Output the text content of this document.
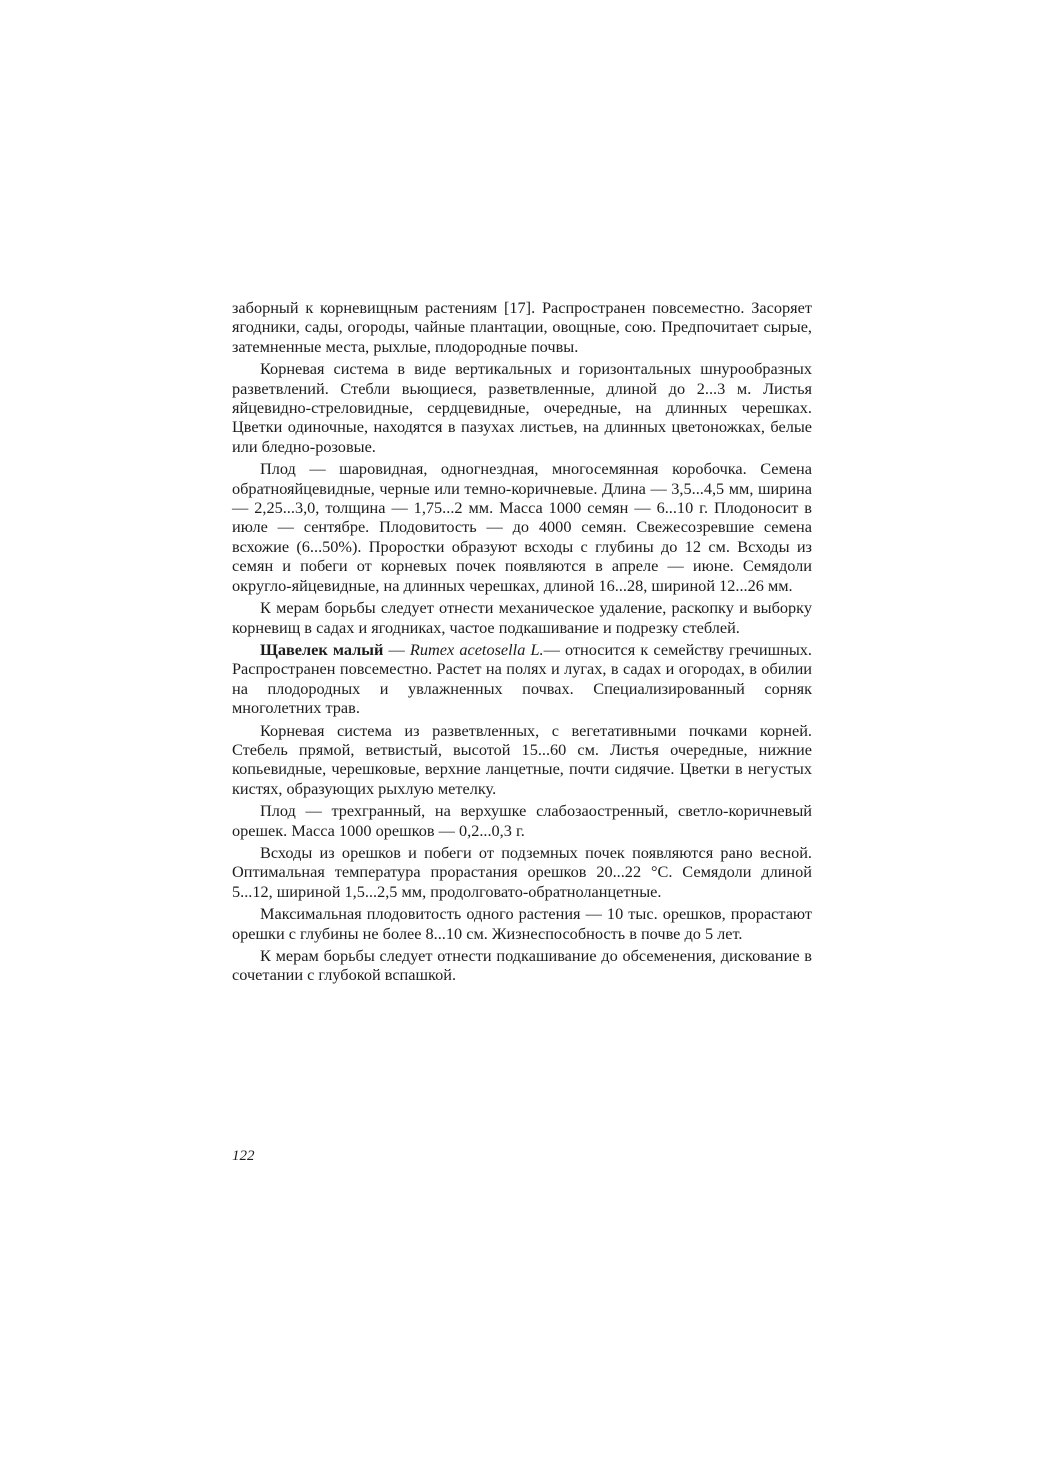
заборный к корневищным растениям [17]. Распространен повсеместно. Засоряет ягодники, сады, огороды, чайные плантации, овощные, сою. Предпочитает сырые, затемненные места, рыхлые, плодородные почвы.

Корневая система в виде вертикальных и горизонтальных шнурообразных разветвлений. Стебли вьющиеся, разветвленные, длиной до 2...3 м. Листья яйцевидно-стреловидные, сердцевидные, очередные, на длинных черешках. Цветки одиночные, находятся в пазухах листьев, на длинных цветоножках, белые или бледно-розовые.

Плод — шаровидная, одногнездная, многосемянная коробочка. Семена обратнояйцевидные, черные или темно-коричневые. Длина — 3,5...4,5 мм, ширина — 2,25...3,0, толщина — 1,75...2 мм. Масса 1000 семян — 6...10 г. Плодоносит в июле — сентябре. Плодовитость — до 4000 семян. Свежесозревшие семена всхожие (6...50%). Проростки образуют всходы с глубины до 12 см. Всходы из семян и побеги от корневых почек появляются в апреле — июне. Семядоли округло-яйцевидные, на длинных черешках, длиной 16...28, шириной 12...26 мм.

К мерам борьбы следует отнести механическое удаление, раскопку и выборку корневищ в садах и ягодниках, частое подкашивание и подрезку стеблей.

Щавелек малый — Rumex acetosella L.— относится к семейству гречишных. Распространен повсеместно. Растет на полях и лугах, в садах и огородах, в обилии на плодородных и увлажненных почвах. Специализированный сорняк многолетних трав.

Корневая система из разветвленных, с вегетативными почками корней. Стебель прямой, ветвистый, высотой 15...60 см. Листья очередные, нижние копьевидные, черешковые, верхние ланцетные, почти сидячие. Цветки в негустых кистях, образующих рыхлую метелку.

Плод — трехгранный, на верхушке слабозаостренный, светло-коричневый орешек. Масса 1000 орешков — 0,2...0,3 г.

Всходы из орешков и побеги от подземных почек появляются рано весной. Оптимальная температура прорастания орешков 20...22 °С. Семядоли длиной 5...12, шириной 1,5...2,5 мм, продолговато-обратноланцетные.

Максимальная плодовитость одного растения — 10 тыс. орешков, прорастают орешки с глубины не более 8...10 см. Жизнеспособность в почве до 5 лет.

К мерам борьбы следует отнести подкашивание до обсеменения, дискование в сочетании с глубокой вспашкой.

122
